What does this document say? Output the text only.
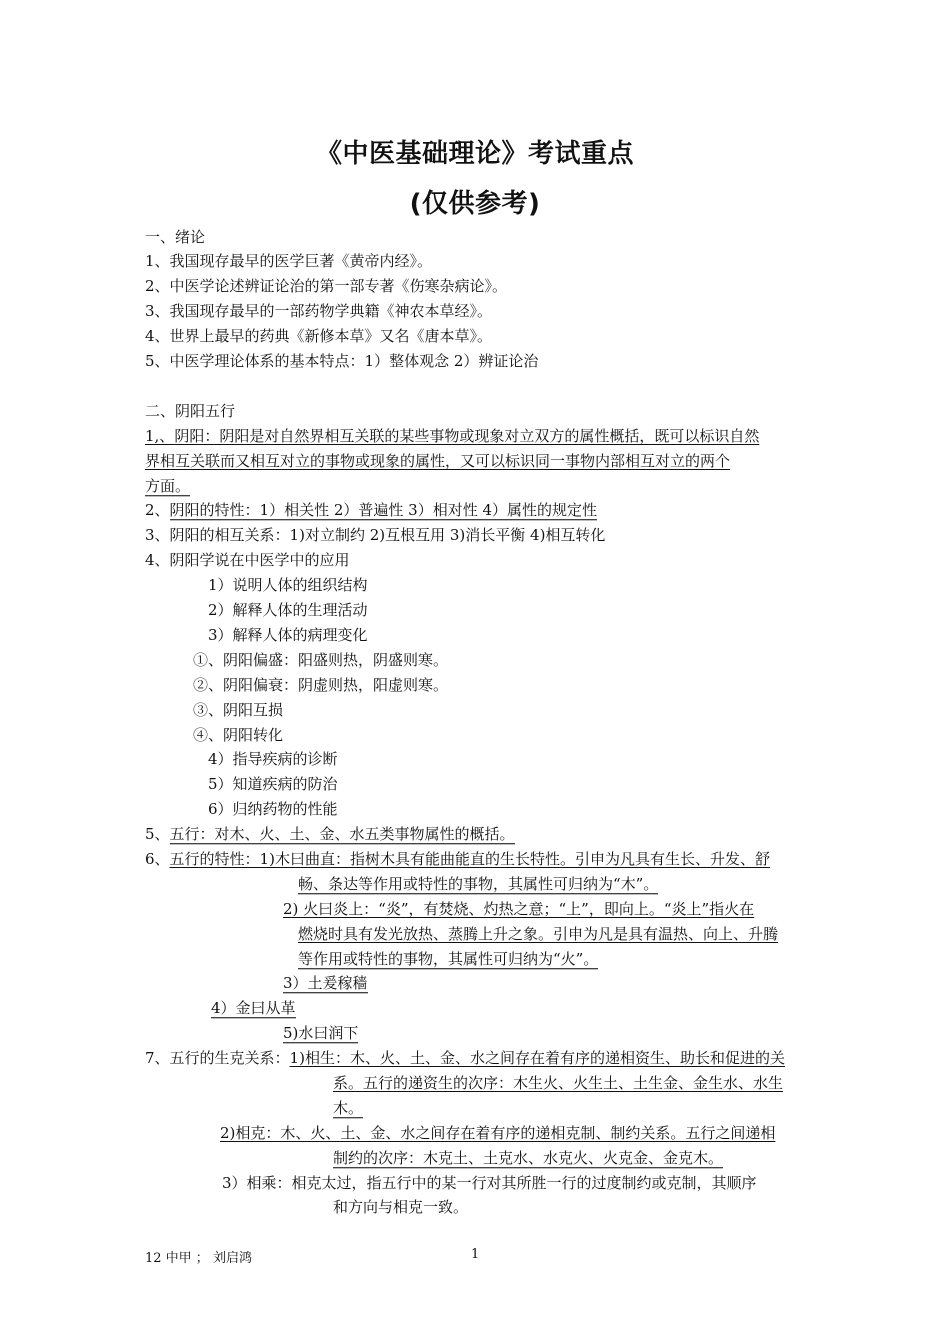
《中医基础理论》考试重点
(仅供参考)
一、绪论
1、我国现存最早的医学巨著《黄帝内经》。
2、中医学论述辨证论治的第一部专著《伤寒杂病论》。
3、我国现存最早的一部药物学典籍《神农本草经》。
4、世界上最早的药典《新修本草》又名《唐本草》。
5、中医学理论体系的基本特点：1）整体观念 2）辨证论治
二、阴阳五行
1,、阴阳：阴阳是对自然界相互关联的某些事物或现象对立双方的属性概括，既可以标识自然
界相互关联而又相互对立的事物或现象的属性，又可以标识同一事物内部相互对立的两个
方面。
2、阴阳的特性：1）相关性 2）普遍性 3）相对性 4）属性的规定性
3、阴阳的相互关系：1)对立制约 2)互根互用 3)消长平衡 4)相互转化
4、阴阳学说在中医学中的应用
1）说明人体的组织结构
2）解释人体的生理活动
3）解释人体的病理变化
①、阴阳偏盛：阳盛则热，阴盛则寒。
②、阴阳偏衰：阴虚则热，阳虚则寒。
③、阴阳互损
④、阴阳转化
4）指导疾病的诊断
5）知道疾病的防治
6）归纳药物的性能
5、五行：对木、火、土、金、水五类事物属性的概括。
6、五行的特性：1)木曰曲直：指树木具有能曲能直的生长特性。引申为凡具有生长、升发、舒
畅、条达等作用或特性的事物，其属性可归纳为“木”。
2) 火曰炎上：“炎”，有焚烧、灼热之意；“上”，即向上。“炎上”指火在
燃烧时具有发光放热、蒸腾上升之象。引申为凡是具有温热、向上、升腾
等作用或特性的事物，其属性可归纳为“火”。
3）土爰稼穑
4）金曰从革
5)水曰润下
7、五行的生克关系：1)相生：木、火、土、金、水之间存在着有序的递相资生、助长和促进的关
系。五行的递资生的次序：木生火、火生土、土生金、金生水、水生
木。
2)相克：木、火、土、金、水之间存在着有序的递相克制、制约关系。五行之间递相
制约的次序：木克土、土克水、水克火、火克金、金克木。
3）相乘：相克太过，指五行中的某一行对其所胜一行的过度制约或克制，其顺序
和方向与相克一致。
12 中甲 ； 刘启鸿	1
